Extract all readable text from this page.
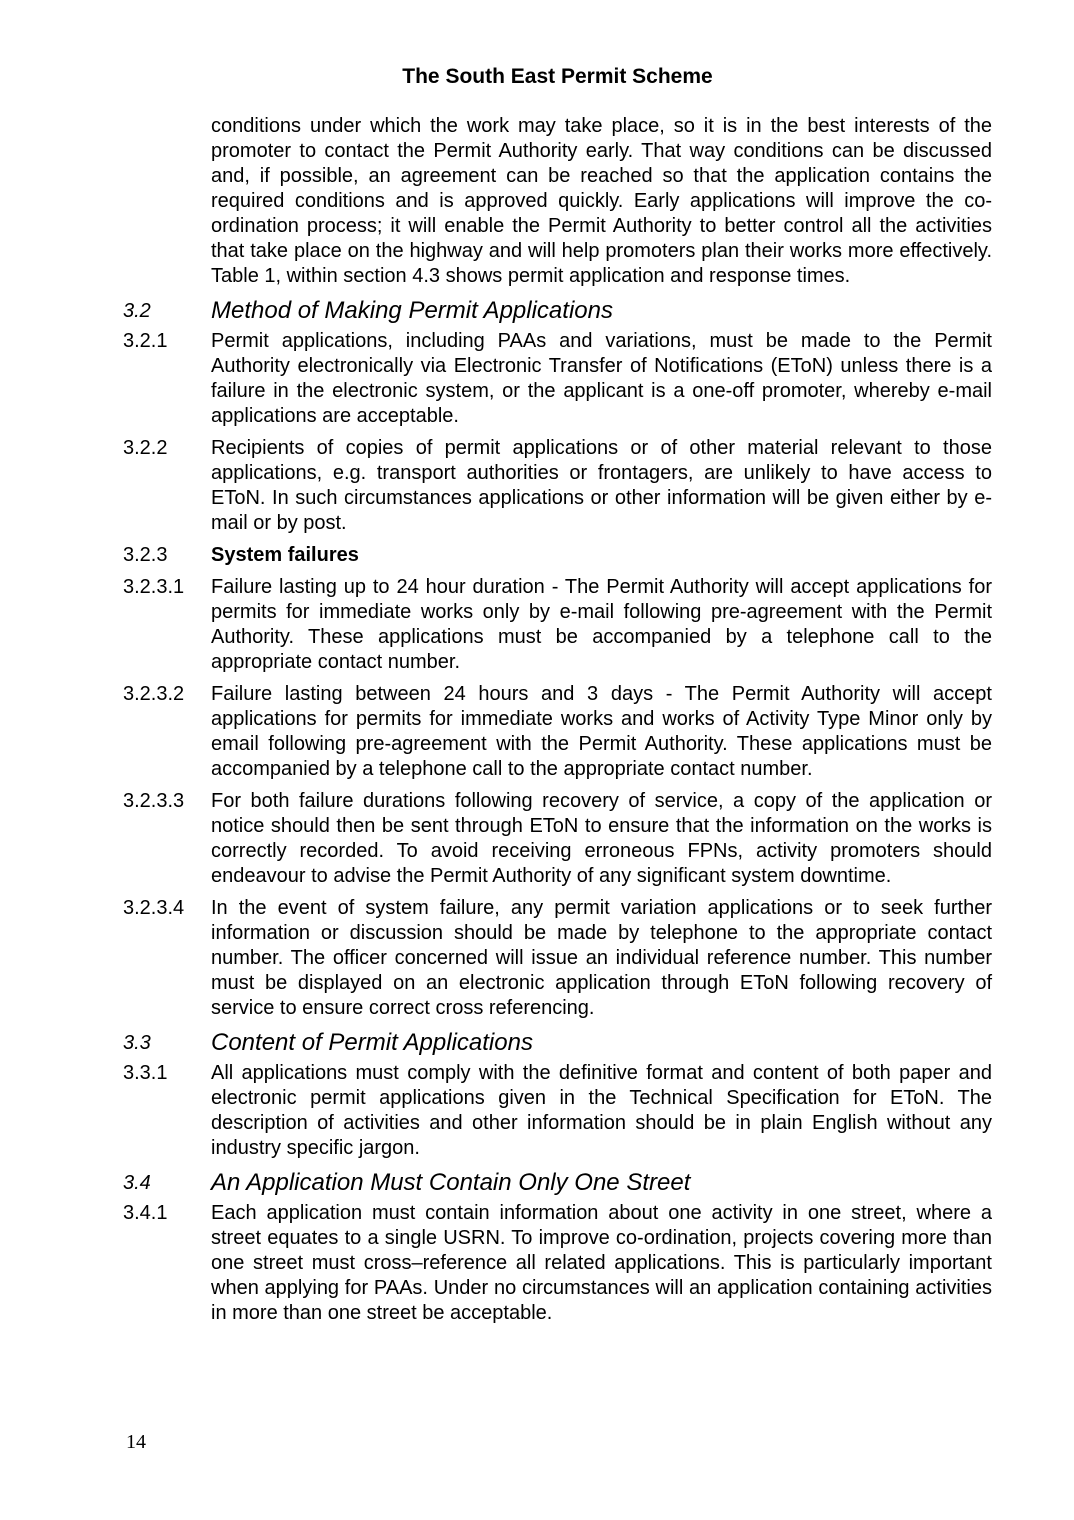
The South East Permit Scheme
conditions under which the work may take place, so it is in the best interests of the promoter to contact the Permit Authority early. That way conditions can be discussed and, if possible, an agreement can be reached so that the application contains the required conditions and is approved quickly. Early applications will improve the co-ordination process; it will enable the Permit Authority to better control all the activities that take place on the highway and will help promoters plan their works more effectively. Table 1, within section 4.3 shows permit application and response times.
3.2	Method of Making Permit Applications
3.2.1 Permit applications, including PAAs and variations, must be made to the Permit Authority electronically via Electronic Transfer of Notifications (EToN) unless there is a failure in the electronic system, or the applicant is a one-off promoter, whereby e-mail applications are acceptable.
3.2.2 Recipients of copies of permit applications or of other material relevant to those applications, e.g. transport authorities or frontagers, are unlikely to have access to EToN. In such circumstances applications or other information will be given either by e-mail or by post.
3.2.3 System failures
3.2.3.1 Failure lasting up to 24 hour duration - The Permit Authority will accept applications for permits for immediate works only by e-mail following pre-agreement with the Permit Authority. These applications must be accompanied by a telephone call to the appropriate contact number.
3.2.3.2 Failure lasting between 24 hours and 3 days - The Permit Authority will accept applications for permits for immediate works and works of Activity Type Minor only by email following pre-agreement with the Permit Authority. These applications must be accompanied by a telephone call to the appropriate contact number.
3.2.3.3 For both failure durations following recovery of service, a copy of the application or notice should then be sent through EToN to ensure that the information on the works is correctly recorded. To avoid receiving erroneous FPNs, activity promoters should endeavour to advise the Permit Authority of any significant system downtime.
3.2.3.4 In the event of system failure, any permit variation applications or to seek further information or discussion should be made by telephone to the appropriate contact number. The officer concerned will issue an individual reference number. This number must be displayed on an electronic application through EToN following recovery of service to ensure correct cross referencing.
3.3	Content of Permit Applications
3.3.1 All applications must comply with the definitive format and content of both paper and electronic permit applications given in the Technical Specification for EToN. The description of activities and other information should be in plain English without any industry specific jargon.
3.4	An Application Must Contain Only One Street
3.4.1 Each application must contain information about one activity in one street, where a street equates to a single USRN. To improve co-ordination, projects covering more than one street must cross–reference all related applications. This is particularly important when applying for PAAs. Under no circumstances will an application containing activities in more than one street be acceptable.
14
